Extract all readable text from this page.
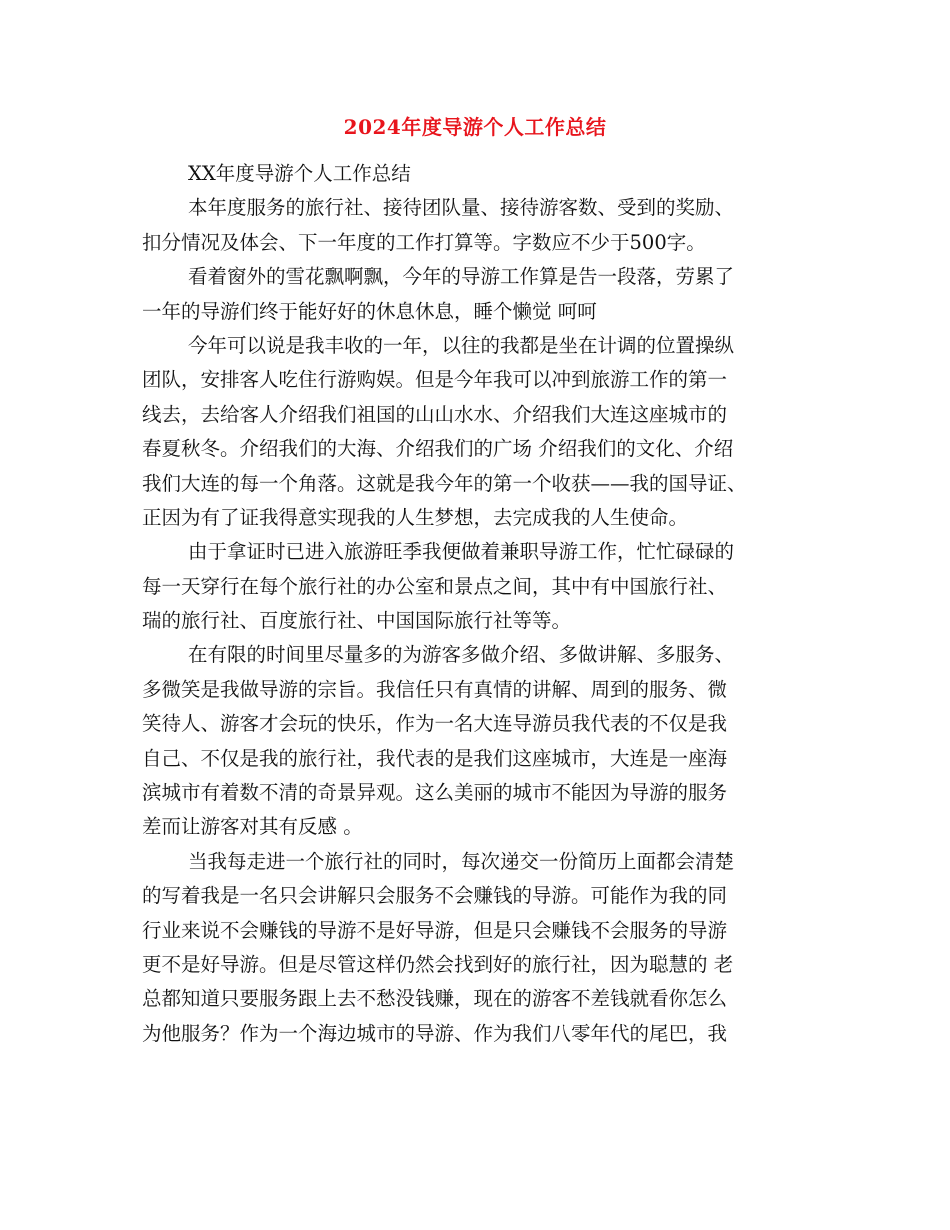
2024年度导游个人工作总结
XX年度导游个人工作总结
本年度服务的旅行社、接待团队量、接待游客数、受到的奖励、
扣分情况及体会、下一年度的工作打算等。字数应不少于500字。
看着窗外的雪花飘啊飘，今年的导游工作算是告一段落，劳累了
一年的导游们终于能好好的休息休息，睡个懒觉 呵呵
今年可以说是我丰收的一年，以往的我都是坐在计调的位置操纵
团队，安排客人吃住行游购娱。但是今年我可以冲到旅游工作的第一
线去，去给客人介绍我们祖国的山山水水、介绍我们大连这座城市的
春夏秋冬。介绍我们的大海、介绍我们的广场 介绍我们的文化、介绍
我们大连的每一个角落。这就是我今年的第一个收获——我的国导证、
正因为有了证我得意实现我的人生梦想，去完成我的人生使命。
由于拿证时已进入旅游旺季我便做着兼职导游工作，忙忙碌碌的
每一天穿行在每个旅行社的办公室和景点之间，其中有中国旅行社、
瑞的旅行社、百度旅行社、中国国际旅行社等等。
在有限的时间里尽量多的为游客多做介绍、多做讲解、多服务、
多微笑是我做导游的宗旨。我信任只有真情的讲解、周到的服务、微
笑待人、游客才会玩的快乐，作为一名大连导游员我代表的不仅是我
自己、不仅是我的旅行社，我代表的是我们这座城市，大连是一座海
滨城市有着数不清的奇景异观。这么美丽的城市不能因为导游的服务
差而让游客对其有反感 。
当我每走进一个旅行社的同时，每次递交一份简历上面都会清楚
的写着我是一名只会讲解只会服务不会赚钱的导游。可能作为我的同
行业来说不会赚钱的导游不是好导游，但是只会赚钱不会服务的导游
更不是好导游。但是尽管这样仍然会找到好的旅行社，因为聪慧的 老
总都知道只要服务跟上去不愁没钱赚，现在的游客不差钱就看你怎么
为他服务？作为一个海边城市的导游、作为我们八零年代的尾巴，我
